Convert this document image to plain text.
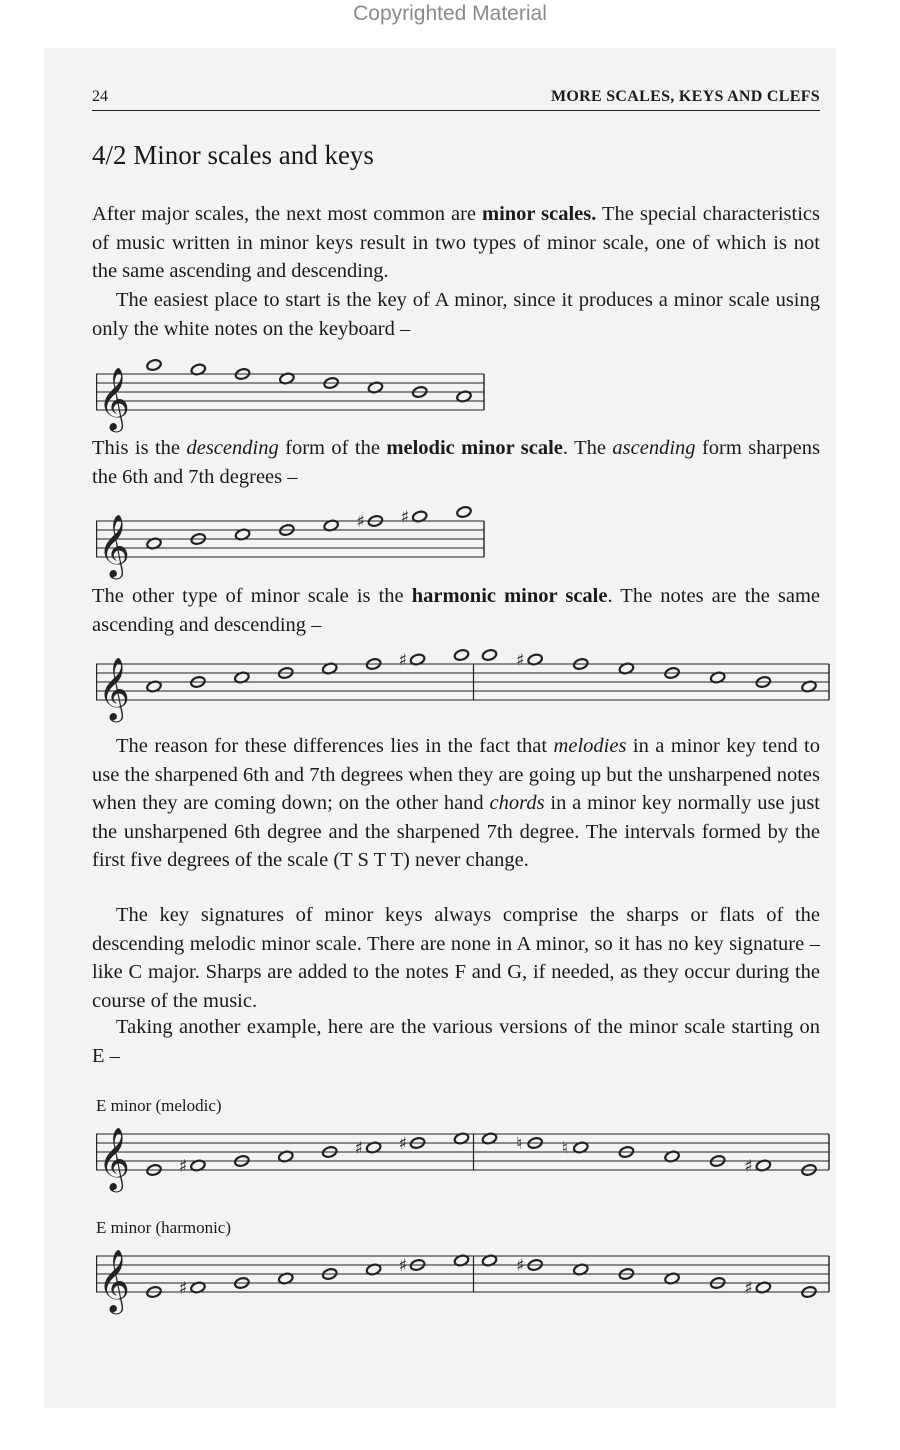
Copyrighted Material
24	MORE SCALES, KEYS AND CLEFS
4/2 Minor scales and keys

After major scales, the next most common are minor scales. The special characteristics of music written in minor keys result in two types of minor scale, one of which is not the same ascending and descending.

The easiest place to start is the key of A minor, since it produces a minor scale using only the white notes on the keyboard –

𝄞

This is the descending form of the melodic minor scale. The ascending form sharpens the 6th and 7th degrees –

𝄞	♯ ♯

The other type of minor scale is the harmonic minor scale. The notes are the same ascending and descending –

𝄞	♯	♯

The reason for these differences lies in the fact that melodies in a minor key tend to use the sharpened 6th and 7th degrees when they are going up but the unsharpened notes when they are coming down; on the other hand chords in a minor key normally use just the unsharpened 6th degree and the sharpened 7th degree. The intervals formed by the first five degrees of the scale (T S T T) never change.

The key signatures of minor keys always comprise the sharps or flats of the descending melodic minor scale. There are none in A minor, so it has no key signature – like C major. Sharps are added to the notes F and G, if needed, as they occur during the course of the music.

Taking another example, here are the various versions of the minor scale starting on E –

E minor (melodic)

𝄞	♯
♯ ♯	♮ ♮
♯

E minor (harmonic)

𝄞	♯
♯	♯
♯
